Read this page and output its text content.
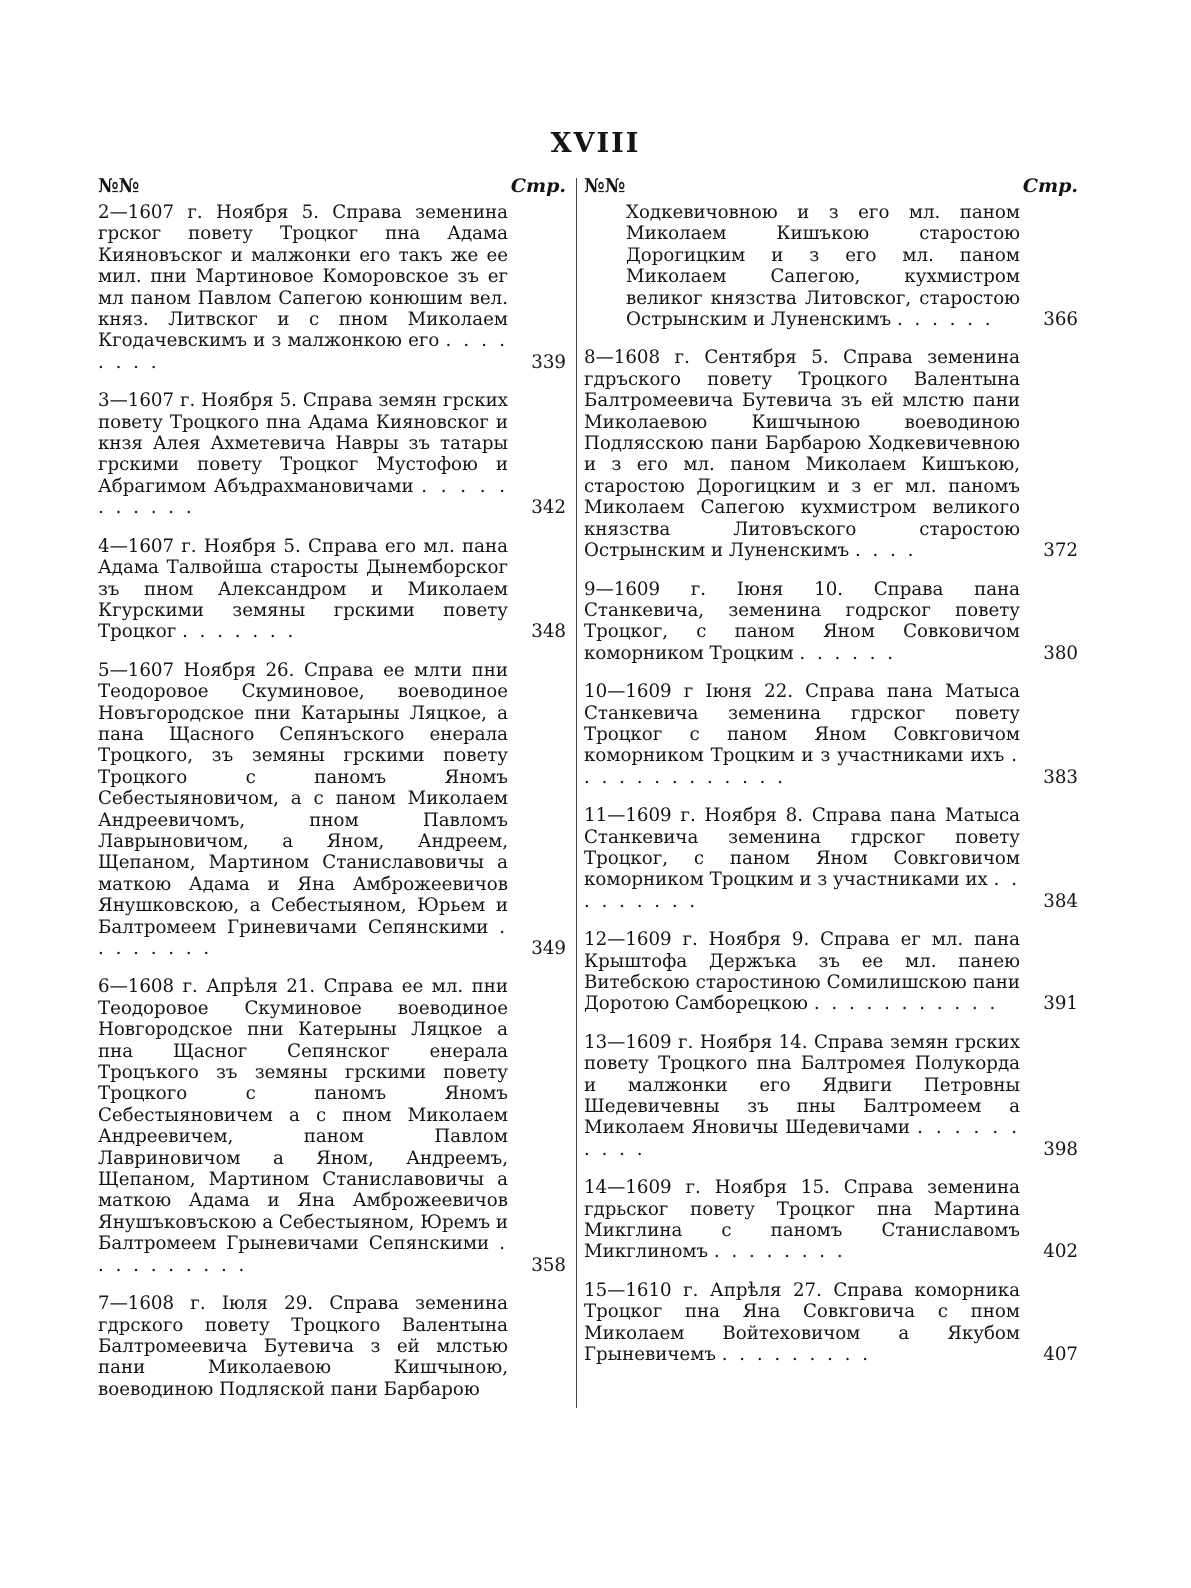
XVIII
№№	Стр.
2—1607 г. Ноября 5. Справа земенина грског повету Троцког пна Адама Кияновъског и малжонки его такъ же ее мил. пни Мартиновое Коморовское зъ ег мл паном Павлом Сапегою конюшим вел. княз. Литвског и с пном Миколаем Кгодачевскимъ и з малжонкою его . . . . . . . .	339
3—1607 г. Ноября 5. Справа земян грских повету Троцкого пна Адама Кияновског и кнзя Алея Ахметевича Навры зъ татары грскими повету Троцког Мустофою и Абрагимом Абъдрахмановичами . . . . . . . . . . .	342
4—1607 г. Ноября 5. Справа его мл. пана Адама Талвойша старосты Дынемборског зъ пном Александром и Миколаем Кгурскими земяны грскими повету Троцког . . . . . . .	348
5—1607 Ноября 26. Справа ее млти пни Теодоровое Скуминовое, воеводиное Новъгородское пни Катарыны Ляцкое, а пана Щасного Сепянъского енерала Троцкого, зъ земяны грскими повету Троцкого с паномъ Яномъ Себестыяновичом, а с паном Миколаем Андреевичомъ, пном Павломъ Лаврыновичом, а Яном, Андреем, Щепаном, Мартином Станиславовичы а маткою Адама и Яна Амброжеевичов Янушковскою, а Себестыяном, Юрьем и Балтромеем Гриневичами Сепянскими . . . . . . . .	349
6—1608 г. Апрѣля 21. Справа ее мл. пни Теодоровое Скуминовое воеводиное Новгородское пни Катерыны Ляцкое а пна Щасног Сепянског енерала Троцъкого зъ земяны грскими повету Троцкого с паномъ Яномъ Себестыяновичем а с пном Миколаем Андреевичем, паном Павлом Лавриновичом а Яном, Андреемъ, Щепаном, Мартином Станиславовичы а маткою Адама и Яна Амброжеевичов Янушъковъскою а Себестыяном, Юремъ и Балтромеем Грыневичами Сепянскими . . . . . . . . . .	358
7—1608 г. Іюля 29. Справа земенина гдрского повету Троцкого Валентына Балтромеевича Бутевича з ей млстью пани Миколаевою Кишчыною, воеводиною Подляской пани Барбарою
№№	Стр.
Ходкевичовною и з его мл. паном Миколаем Кишъкою старостою Дорогицким и з его мл. паном Миколаем Сапегою, кухмистром великог князства Литовског, старостою Острынским и Луненскимъ . . . . . .	366
8—1608 г. Сентября 5. Справа земенина гдръского повету Троцкого Валентына Балтромеевича Бутевича зъ ей млстю пани Миколаевою Кишчыною воеводиною Подлясскою пани Барбарою Ходкевичевною и з его мл. паном Миколаем Кишъкою, старостою Дорогицким и з ег мл. паномъ Миколаем Сапегою кухмистром великого князства Литовъского старостою Острынским и Луненскимъ . . . .	372
9—1609 г. Іюня 10. Справа пана Станкевича, земенина годрског повету Троцког, с паном Яном Совковичом коморником Троцким . . . . . .	380
10—1609 г Іюня 22. Справа пана Матыса Станкевича земенина гдрског повету Троцког с паном Яном Совкговичом коморником Троцким и з участниками ихъ . . . . . . . . . . . . .	383
11—1609 г. Ноября 8. Справа пана Матыса Станкевича земенина гдрског повету Троцког, с паном Яном Совкговичом коморником Троцким и з участниками их . . . . . . . . .	384
12—1609 г. Ноября 9. Справа ег мл. пана Крыштофа Держъка зъ ее мл. панею Витебскою старостиною Сомилишскою пани Доротою Самборецкою . . . . . . . . . . . 391
13—1609 г. Ноября 14. Справа земян грских повету Троцкого пна Балтромея Полукорда и малжонки его Ядвиги Петровны Шедевичевны зъ пны Балтромеем а Миколаем Яновичы Шедевичами . . . . . . . . . .	398
14—1609 г. Ноября 15. Справа земенина гдрьског повету Троцког пна Мартина Микглина с паномъ Станиславомъ Микглиномъ . . . . . . . .	402
15—1610 г. Апрѣля 27. Справа коморника Троцког пна Яна Совкговича с пном Миколаем Войтеховичом а Якубом Грыневичемъ . . . . . . . . .	407
